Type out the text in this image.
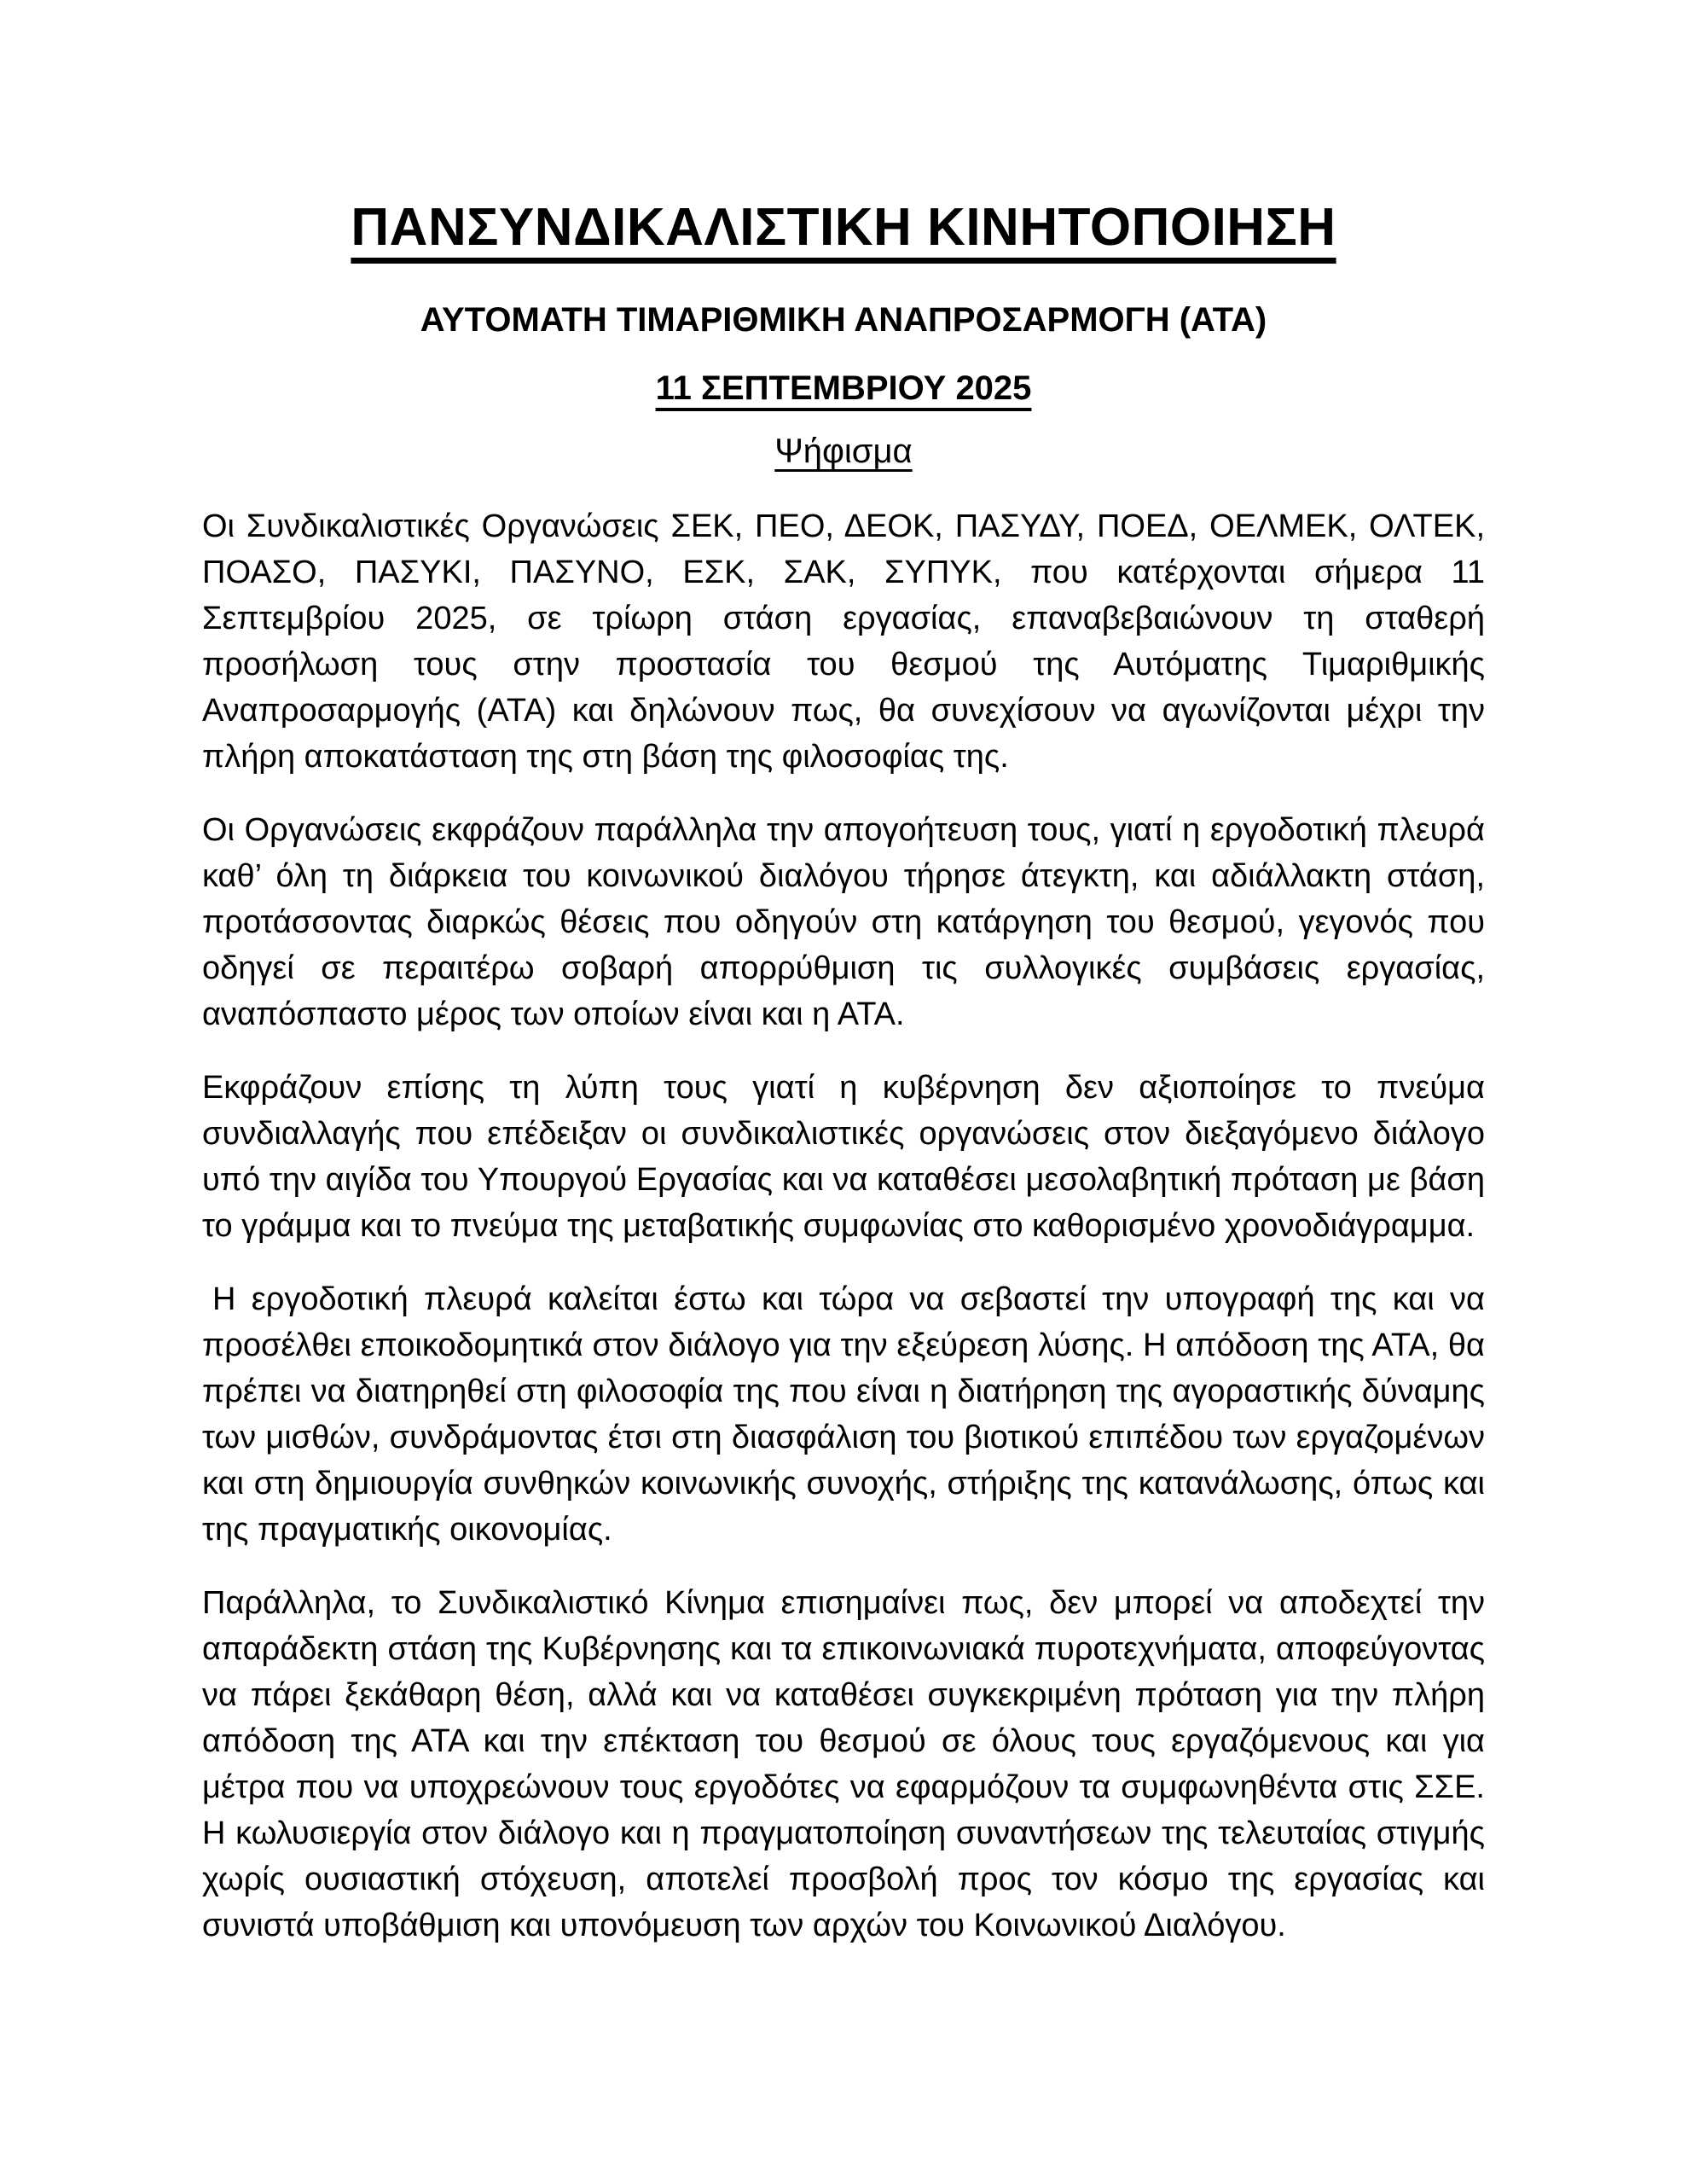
ΠΑΝΣΥΝΔΙΚΑΛΙΣΤΙΚΗ ΚΙΝΗΤΟΠΟΙΗΣΗ

ΑΥΤΟΜΑΤΗ ΤΙΜΑΡΙΘΜΙΚΗ ΑΝΑΠΡΟΣΑΡΜΟΓΗ (ΑΤΑ)

11 ΣΕΠΤΕΜΒΡΙΟΥ 2025

Ψήφισμα

Οι Συνδικαλιστικές Οργανώσεις ΣΕΚ, ΠΕΟ, ΔΕΟΚ, ΠΑΣΥΔΥ, ΠΟΕΔ, ΟΕΛΜΕΚ, ΟΛΤΕΚ, ΠΟΑΣΟ, ΠΑΣΥΚΙ, ΠΑΣΥΝΟ, ΕΣΚ, ΣΑΚ, ΣΥΠΥΚ, που κατέρχονται σήμερα 11 Σεπτεμβρίου 2025, σε τρίωρη στάση εργασίας, επαναβεβαιώνουν τη σταθερή προσήλωση τους στην προστασία του θεσμού της Αυτόματης Τιμαριθμικής Αναπροσαρμογής (ΑΤΑ) και δηλώνουν πως, θα συνεχίσουν να αγωνίζονται μέχρι την πλήρη αποκατάσταση της στη βάση της φιλοσοφίας της.

Οι Οργανώσεις εκφράζουν παράλληλα την απογοήτευση τους, γιατί η εργοδοτική πλευρά καθ’ όλη τη διάρκεια του κοινωνικού διαλόγου τήρησε άτεγκτη, και αδιάλλακτη στάση, προτάσσοντας διαρκώς θέσεις που οδηγούν στη κατάργηση του θεσμού, γεγονός που οδηγεί σε περαιτέρω σοβαρή απορρύθμιση τις συλλογικές συμβάσεις εργασίας, αναπόσπαστο μέρος των οποίων είναι και η ΑΤΑ.

Εκφράζουν επίσης τη λύπη τους γιατί η κυβέρνηση δεν αξιοποίησε το πνεύμα συνδιαλλαγής που επέδειξαν οι συνδικαλιστικές οργανώσεις στον διεξαγόμενο διάλογο υπό την αιγίδα του Υπουργού Εργασίας και να καταθέσει μεσολαβητική πρόταση με βάση το γράμμα και το πνεύμα της μεταβατικής συμφωνίας στο καθορισμένο χρονοδιάγραμμα.

Η εργοδοτική πλευρά καλείται έστω και τώρα να σεβαστεί την υπογραφή της και να προσέλθει εποικοδομητικά στον διάλογο για την εξεύρεση λύσης. Η απόδοση της ΑΤΑ, θα πρέπει να διατηρηθεί στη φιλοσοφία της που είναι η διατήρηση της αγοραστικής δύναμης των μισθών, συνδράμοντας έτσι στη διασφάλιση του βιοτικού επιπέδου των εργαζομένων και στη δημιουργία συνθηκών κοινωνικής συνοχής, στήριξης της κατανάλωσης, όπως και της πραγματικής οικονομίας.

Παράλληλα, το Συνδικαλιστικό Κίνημα επισημαίνει πως, δεν μπορεί να αποδεχτεί την απαράδεκτη στάση της Κυβέρνησης και τα επικοινωνιακά πυροτεχνήματα, αποφεύγοντας να πάρει ξεκάθαρη θέση, αλλά και να καταθέσει συγκεκριμένη πρόταση για την πλήρη απόδοση της ΑΤΑ και την επέκταση του θεσμού σε όλους τους εργαζόμενους και για μέτρα που να υποχρεώνουν τους εργοδότες να εφαρμόζουν τα συμφωνηθέντα στις ΣΣΕ. Η κωλυσιεργία στον διάλογο και η πραγματοποίηση συναντήσεων της τελευταίας στιγμής χωρίς ουσιαστική στόχευση, αποτελεί προσβολή προς τον κόσμο της εργασίας και συνιστά υποβάθμιση και υπονόμευση των αρχών του Κοινωνικού Διαλόγου.
